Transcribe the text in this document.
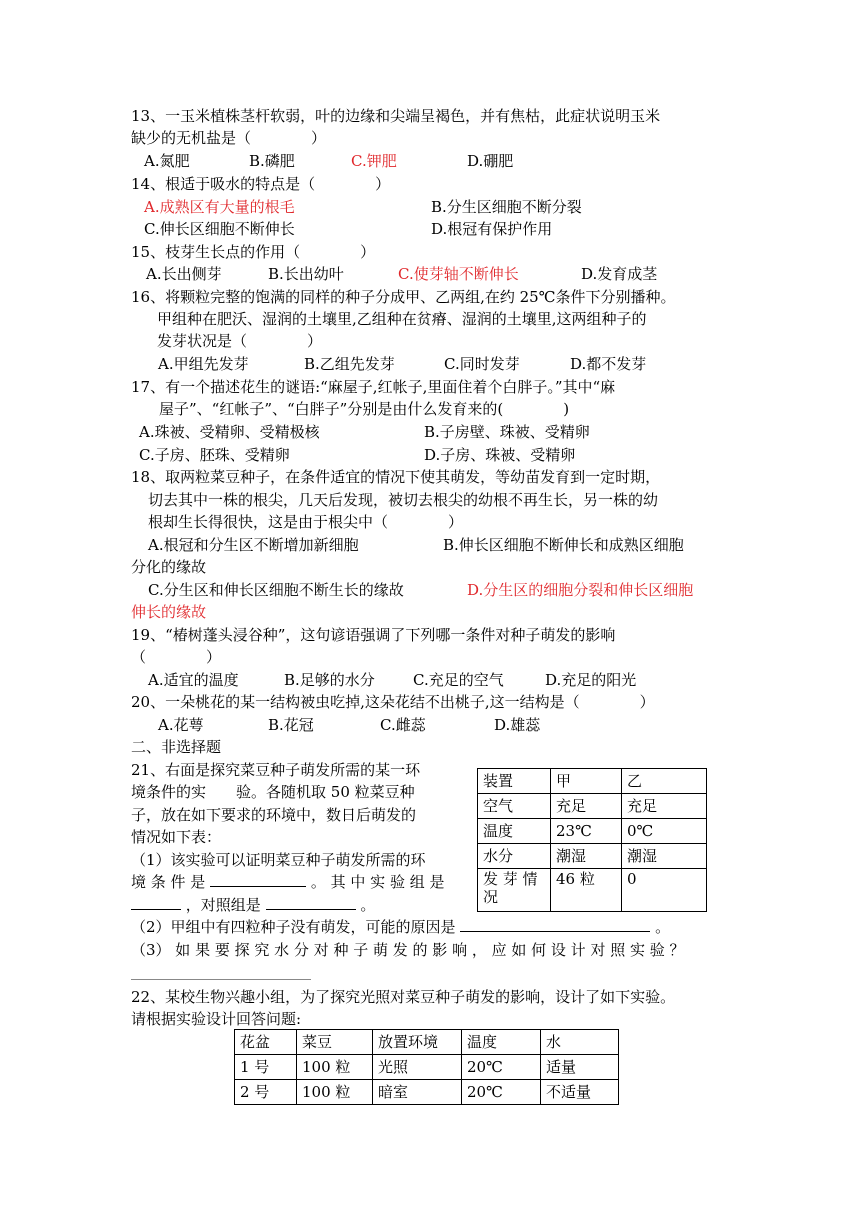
13、一玉米植株茎杆软弱，叶的边缘和尖端呈褐色，并有焦枯，此症状说明玉米
缺少的无机盐是（　　　　）
A.氮肥	B.磷肥	C.钾肥	D.硼肥
14、根适于吸水的特点是（　　　　）
A.成熟区有大量的根毛	B.分生区细胞不断分裂
C.伸长区细胞不断伸长	D.根冠有保护作用
15、枝芽生长点的作用（　　　　）
A.长出侧芽	B.长出幼叶	C.使芽轴不断伸长	D.发育成茎
16、将颗粒完整的饱满的同样的种子分成甲、乙两组,在约 25℃条件下分别播种。
甲组种在肥沃、湿润的土壤里,乙组种在贫瘠、湿润的土壤里,这两组种子的
发芽状况是（　　　　）
A.甲组先发芽	B.乙组先发芽	C.同时发芽	D.都不发芽
17、有一个描述花生的谜语:“麻屋子,红帐子,里面住着个白胖子。”其中“麻
屋子”、“红帐子”、“白胖子”分别是由什么发育来的(　　　　)
A.珠被、受精卵、受精极核	B.子房壁、珠被、受精卵
C.子房、胚珠、受精卵	D.子房、珠被、受精卵
18、取两粒菜豆种子，在条件适宜的情况下使其萌发，等幼苗发育到一定时期，
切去其中一株的根尖，几天后发现，被切去根尖的幼根不再生长，另一株的幼
根却生长得很快，这是由于根尖中（　　　　）
A.根冠和分生区不断增加新细胞	B.伸长区细胞不断伸长和成熟区细胞
分化的缘故
C.分生区和伸长区细胞不断生长的缘故	D.分生区的细胞分裂和伸长区细胞
伸长的缘故
19、“椿树蓬头浸谷种”，这句谚语强调了下列哪一条件对种子萌发的影响
（　　　　）
A.适宜的温度	B.足够的水分	C.充足的空气	D.充足的阳光
20、一朵桃花的某一结构被虫吃掉,这朵花结不出桃子,这一结构是（　　　　）
A.花萼	B.花冠	C.雌蕊	D.雄蕊
二、非选择题
21、右面是探究菜豆种子萌发所需的某一环
境条件的实　　验。各随机取 50 粒菜豆种
子，放在如下要求的环境中，数日后萌发的
情况如下表：
（1）该实验可以证明菜豆种子萌发所需的环
境 条 件 是	。 其 中 实 验 组 是
，对照组是	。
（2）甲组中有四粒种子没有萌发，可能的原因是	。
（3） 如 果 要 探 究 水 分 对 种 子 萌 发 的 影 响 ， 应 如 何 设 计 对 照 实 验 ？
装置	甲	乙
空气	充足	充足
温度	23℃	0℃
水分	潮湿	潮湿

发 芽 情
况	46 粒	0
22、某校生物兴趣小组，为了探究光照对菜豆种子萌发的影响，设计了如下实验。
请根据实验设计回答问题:
花盆	菜豆	放置环境	温度	水
1 号	100 粒	光照	20℃	适量
2 号	100 粒	暗室	20℃	不适量
